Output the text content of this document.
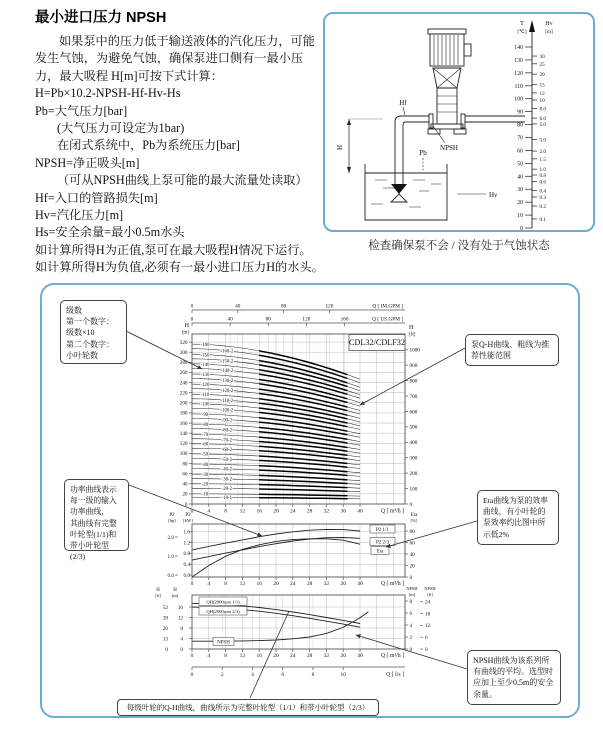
最小进口压力 NPSH
如果泵中的压力低于输送液体的汽化压力，可能
发生气蚀，为避免气蚀，确保泵进口侧有一最小压
力，最大吸程 H[m]可按下式计算：
H=Pb×10.2-NPSH-Hf-Hv-Hs
Pb=大气压力[bar]
(大气压力可设定为1bar)
在闭式系统中，Pb为系统压力[bar]
NPSH=净正吸头[m]
（可从NPSH曲线上泵可能的最大流量处读取）
Hf=入口的管路损失[m]
Hv=汽化压力[m]
Hs=安全余量=最小0.5m水头
如计算所得H为正值,泵可在最大吸程H情况下运行。
如计算所得H为负值,必须有一最小进口压力H的水头。
Hf
NPSH
Pb
Hv
H
T
[℃]
Hv
[m]
0
10
20
30
40
50
60
70
80
90
100
110
120
130
140
0.1
0.2
0.3
0.4
0.6
0.8
1.0
1.5
2.0
3.0
5.0
6.0
8.0
10
12
15
20
25
30
检查确保泵不会 / 没有处于气蚀状态
-160
-160-2
-150
-150-2
-140
-140-2
-130
-130-2
-120
-120-2
-110
-110-2
-100
-100-2
-90
-90-2
-80
-80-2
-70
-70-2
-60
-60-2
-50
-50-2
-40
-40-2
-30
-30-2
-20
-20-2
-10
-10-1
0
20
40
60
80
100
120
140
160
180
200
220
240
260
280
300
320
0
100
200
300
400
500
600
700
800
900
1000
0	4	8 12 16 20 24 28 32 36 40	Q [ m³/h ]
0	40	80	120	Q [ IM.GPM ]
0	40	80	120	160	Q [ US.GPM ]
H
[m]
H
[ft]
CDL32/CDLF32
0.0
0.4
0.8
1.2
1.6
0.0
1.0
2.0
0
20
40
60
80
0	4	8 12 16 20 24 28 32 36 40	Q [ m³/h ]
P2
[hp]
P2
[kW]
Eta
[%]
P2 1/1
P2 2/3
Eta
0
4
8
12
16
0
13
26
39
52
0
2
4
6
8
0
6
12
18
24
0	4	8 12 16 20 24 28 32 36 40	Q [ m³/h ]
0	2	4	6	8	10	Q [ l/s ]
H
[ft]
H
[m]
NPSH
[m]
NPSH
[ft]
QH(2900rpm 1/1)
QH(2900rpm 2/3)
NPSH
级数
第一个数字：
级数×10
第二个数字：
小叶轮数
泵Q-H曲线、粗线为推荐性能范围
功率曲线表示
每一级的输入
功率曲线，
其曲线有完整
叶轮型(1/1)和
带小叶轮型(2/3)
Eta曲线为泵的效率曲线，有小叶轮的泵效率约比图中所示低2%
NPSH曲线为该系列所有曲线的平均。选型时应加上至少0.5m的安全余量。
每级叶轮的Q-H曲线，曲线所示为完整叶轮型（1/1）和带小叶轮型（2/3）
